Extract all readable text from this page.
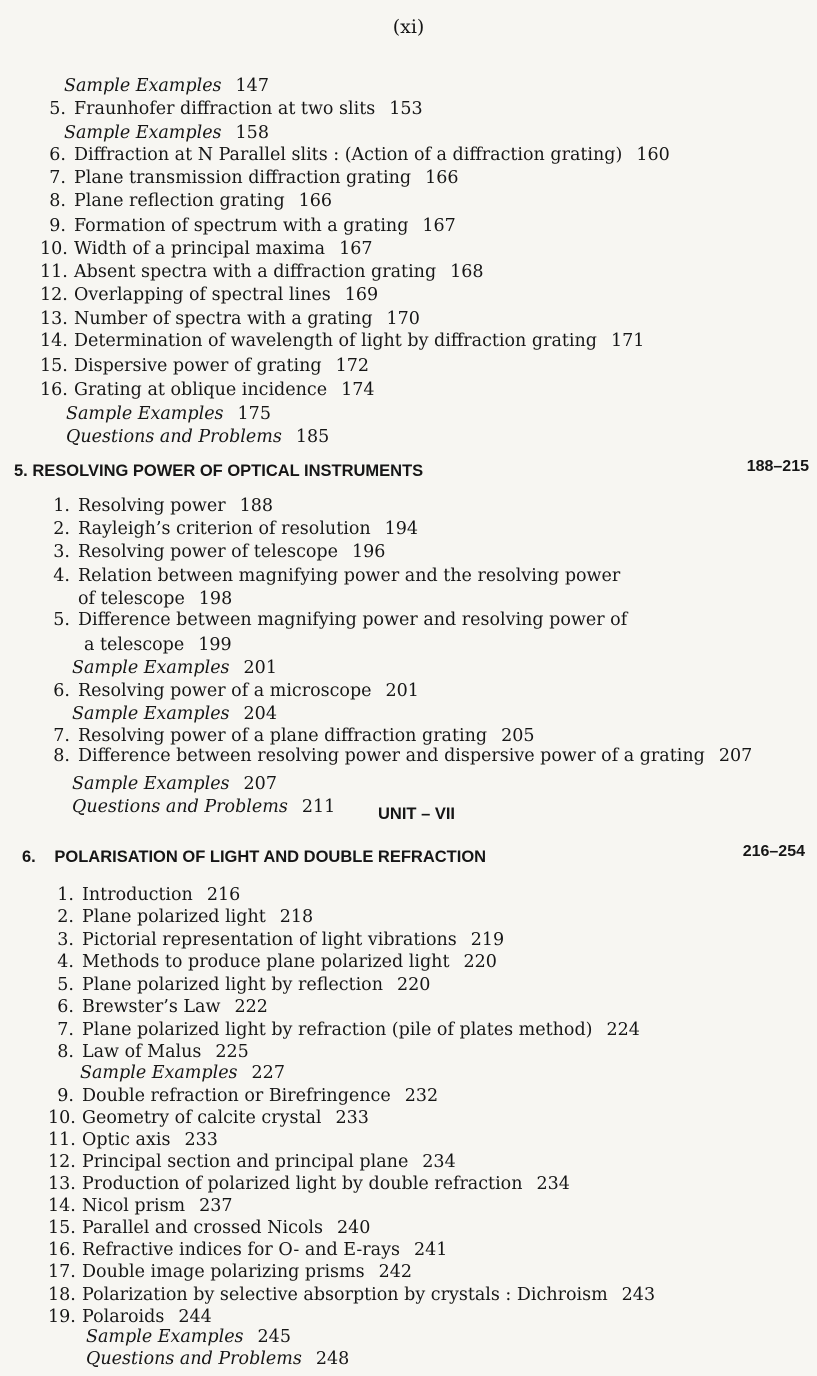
(xi)
Sample Examples 147
5. Fraunhofer diffraction at two slits 153
Sample Examples 158
6. Diffraction at N Parallel slits : (Action of a diffraction grating) 160
7. Plane transmission diffraction grating 166
8. Plane reflection grating 166
9. Formation of spectrum with a grating 167
10. Width of a principal maxima 167
11. Absent spectra with a diffraction grating 168
12. Overlapping of spectral lines 169
13. Number of spectra with a grating 170
14. Determination of wavelength of light by diffraction grating 171
15. Dispersive power of grating 172
16. Grating at oblique incidence 174
Sample Examples 175
Questions and Problems 185
5. RESOLVING POWER OF OPTICAL INSTRUMENTS	188–215
1. Resolving power 188
2. Rayleigh’s criterion of resolution 194
3. Resolving power of telescope 196
4. Relation between magnifying power and the resolving power
of telescope 198
5. Difference between magnifying power and resolving power of
a telescope 199
Sample Examples 201
6. Resolving power of a microscope 201
Sample Examples 204
7. Resolving power of a plane diffraction grating 205
8. Difference between resolving power and dispersive power of a grating 207
Sample Examples 207
Questions and Problems 211	UNIT – VII
6. POLARISATION OF LIGHT AND DOUBLE REFRACTION	216–254
1. Introduction 216
2. Plane polarized light 218
3. Pictorial representation of light vibrations 219
4. Methods to produce plane polarized light 220
5. Plane polarized light by reflection 220
6. Brewster’s Law 222
7. Plane polarized light by refraction (pile of plates method) 224
8. Law of Malus 225
Sample Examples 227
9. Double refraction or Birefringence 232
10. Geometry of calcite crystal 233
11. Optic axis 233
12. Principal section and principal plane 234
13. Production of polarized light by double refraction 234
14. Nicol prism 237
15. Parallel and crossed Nicols 240
16. Refractive indices for O- and E-rays 241
17. Double image polarizing prisms 242
18. Polarization by selective absorption by crystals : Dichroism 243
19. Polaroids 244
Sample Examples 245
Questions and Problems 248
